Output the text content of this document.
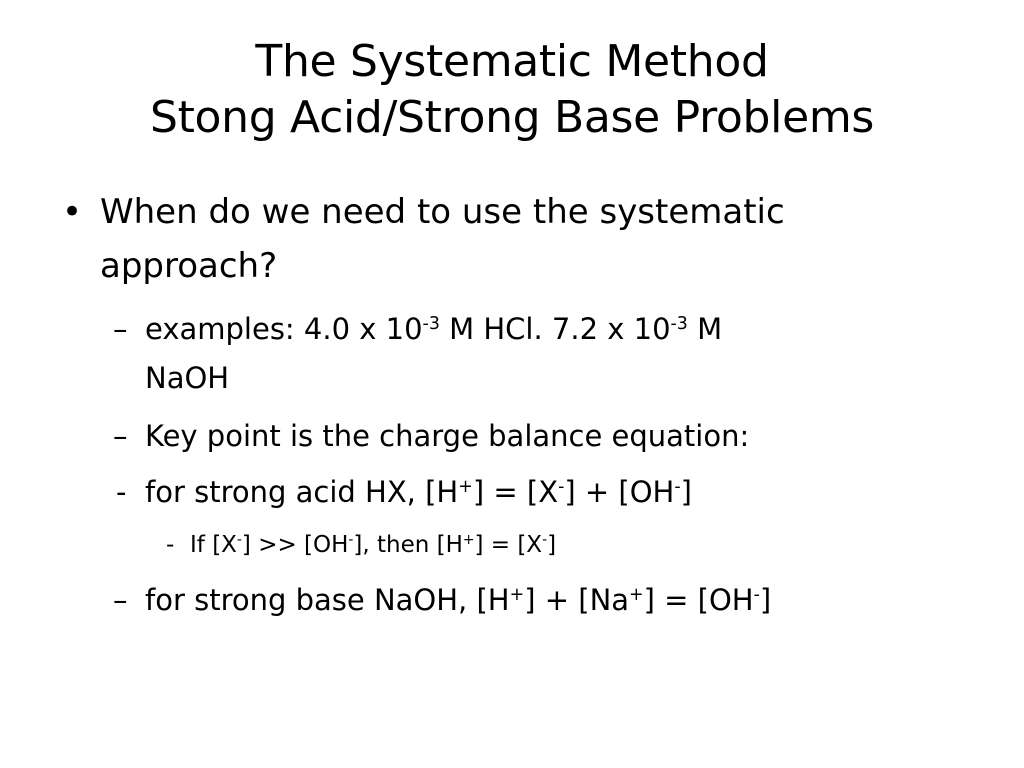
The Systematic Method
Stong Acid/Strong Base Problems
• When do we need to use the systematic
approach?
– examples: 4.0 x $10^{-3}$ M HCl. 7.2 x $10^{-3}$ M
NaOH
– Key point is the charge balance equation:
- for strong acid HX, [H+] = [X-] + [OH-]
- If [X-] >> [OH-], then [H+] = [X-]
– for strong base NaOH, [H+] + [Na+] = [OH-]
